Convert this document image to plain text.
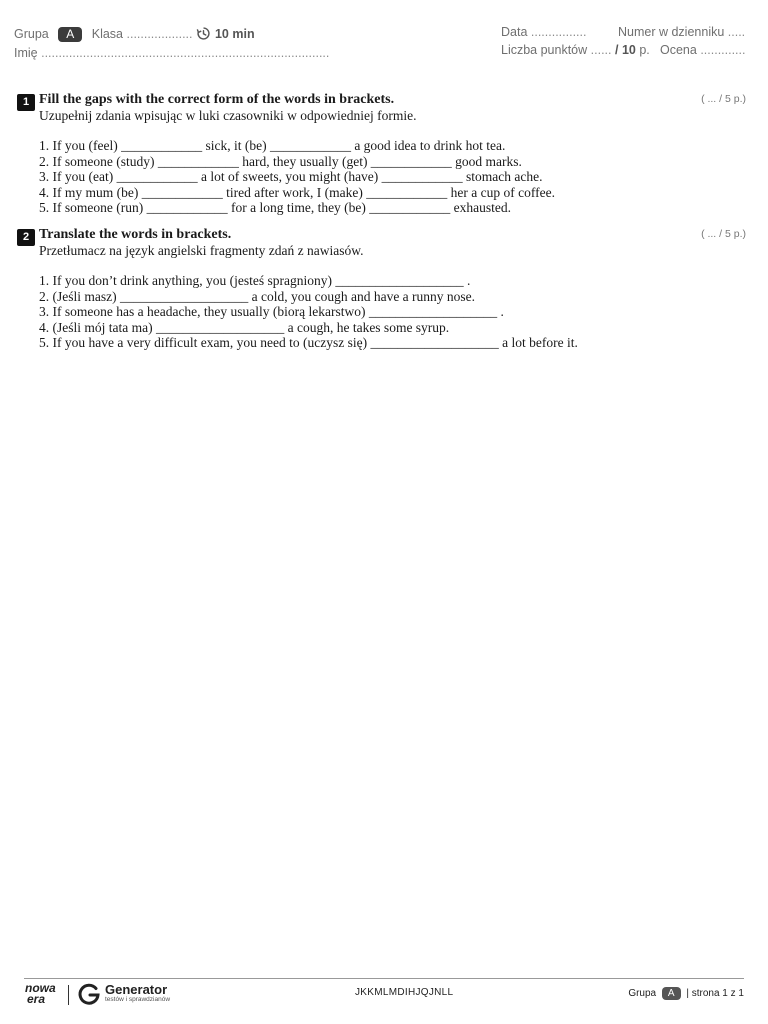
Grupa A Klasa ................... 10 min
Imię ...................................................................................
Data ................	Numer w dzienniku .....
Liczba punktów ...... / 10 p. Ocena .............
1	( ... / 5 p.)
Fill the gaps with the correct form of the words in brackets.
Uzupełnij zdania wpisując w luki czasowniki w odpowiedniej formie.
1. If you (feel) ____________ sick, it (be) ____________ a good idea to drink hot tea.
2. If someone (study) ____________ hard, they usually (get) ____________ good marks.
3. If you (eat) ____________ a lot of sweets, you might (have) ____________ stomach ache.
4. If my mum (be) ____________ tired after work, I (make) ____________ her a cup of coffee.
5. If someone (run) ____________ for a long time, they (be) ____________ exhausted.
2	( ... / 5 p.)
Translate the words in brackets.
Przetłumacz na język angielski fragmenty zdań z nawiasów.
1. If you don’t drink anything, you (jesteś spragniony) ___________________ .
2. (Jeśli masz) ___________________ a cold, you cough and have a runny nose.
3. If someone has a headache, they usually (biorą lekarstwo) ___________________ .
4. (Jeśli mój tata ma) ___________________ a cough, he takes some syrup.
5. If you have a very difficult exam, you need to (uczysz się) ___________________ a lot before it.
nowa
era
Generator
testów i sprawdzianów
JKKMLMDIHJQJNLL	Grupa A | strona 1 z 1
